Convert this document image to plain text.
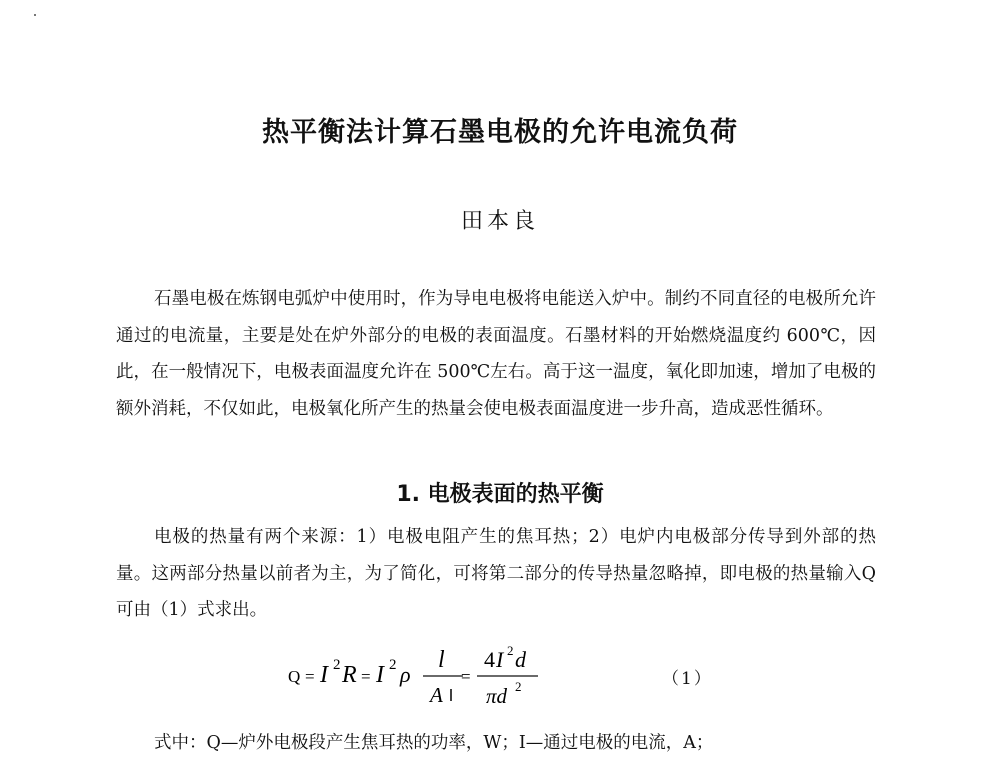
热平衡法计算石墨电极的允许电流负荷

田本良

石墨电极在炼钢电弧炉中使用时，作为导电电极将电能送入炉中。制约不同直径的电极所允许通过的电流量，主要是处在炉外部分的电极的表面温度。石墨材料的开始燃烧温度约 600℃，因此，在一般情况下，电极表面温度允许在 500℃左右。高于这一温度，氧化即加速，增加了电极的额外消耗，不仅如此，电极氧化所产生的热量会使电极表面温度进一步升高，造成恶性循环。

1. 电极表面的热平衡

电极的热量有两个来源：1）电极电阻产生的焦耳热；2）电炉内电极部分传导到外部的热量。这两部分热量以前者为主，为了简化，可将第二部分的传导热量忽略掉，即电极的热量输入Q可由（1）式求出。

Q = I 2 R = I 2 ρ
l
A
=
4 I 2 d
πd 2	（1）

式中：Q—炉外电极段产生焦耳热的功率，W；I—通过电极的电流，A；
